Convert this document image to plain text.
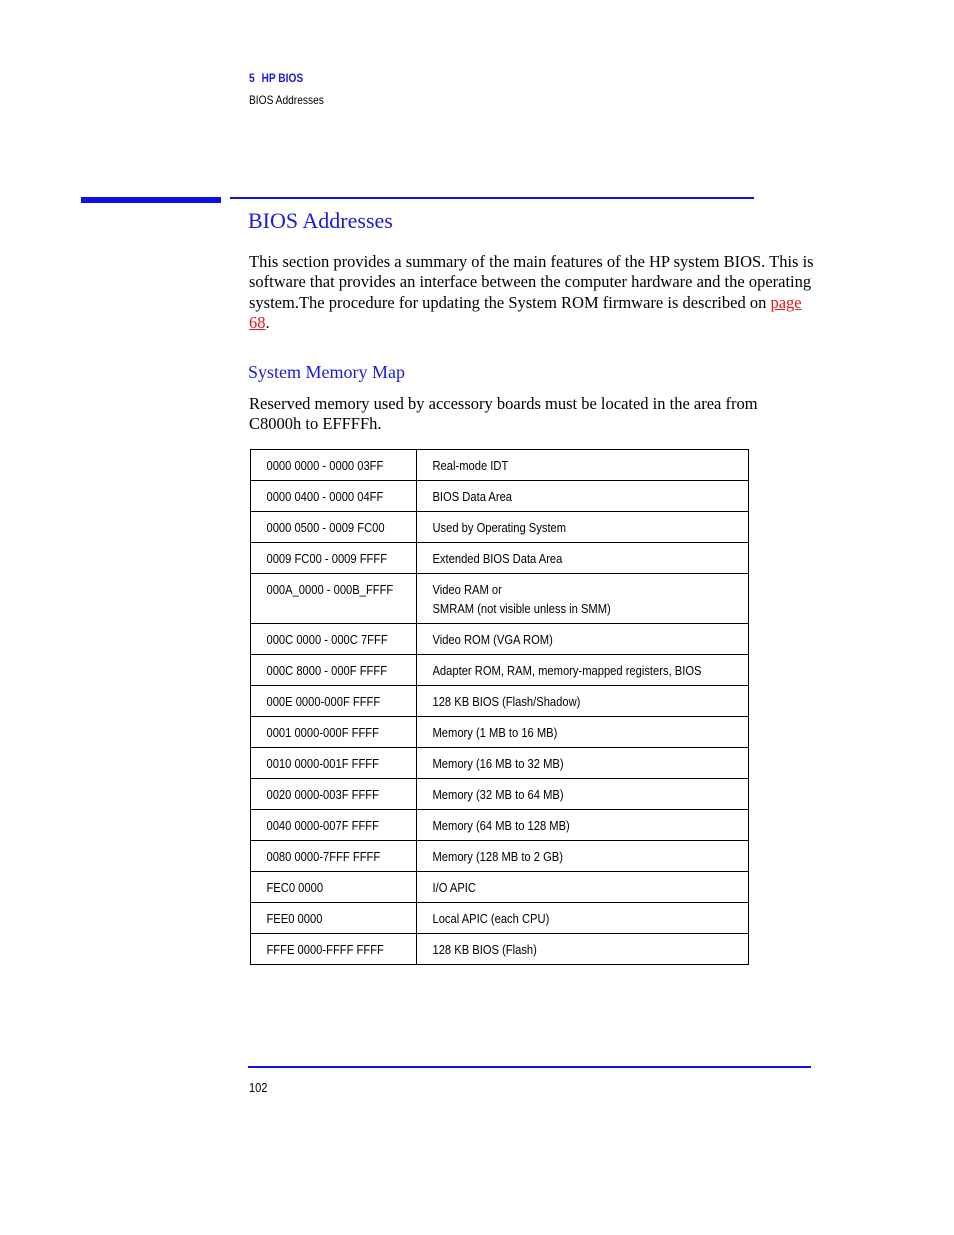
5 HP BIOS
BIOS Addresses
BIOS Addresses

This section provides a summary of the main features of the HP system BIOS. This is software that provides an interface between the computer hardware and the operating system.The procedure for updating the System ROM firmware is described on page 68.

System Memory Map

Reserved memory used by accessory boards must be located in the area from C8000h to EFFFFh.

0000 0000 - 0000 03FF	Real-mode IDT

0000 0400 - 0000 04FF	BIOS Data Area

0000 0500 - 0009 FC00	Used by Operating System

0009 FC00 - 0009 FFFF	Extended BIOS Data Area

000A_0000 - 000B_FFFF	Video RAM or
SMRAM (not visible unless in SMM)

000C 0000 - 000C 7FFF	Video ROM (VGA ROM)

000C 8000 - 000F FFFF	Adapter ROM, RAM, memory-mapped registers, BIOS

000E 0000-000F FFFF	128 KB BIOS (Flash/Shadow)

0001 0000-000F FFFF	Memory (1 MB to 16 MB)

0010 0000-001F FFFF	Memory (16 MB to 32 MB)

0020 0000-003F FFFF	Memory (32 MB to 64 MB)

0040 0000-007F FFFF	Memory (64 MB to 128 MB)

0080 0000-7FFF FFFF	Memory (128 MB to 2 GB)

FEC0 0000	I/O APIC

FEE0 0000	Local APIC (each CPU)

FFFE 0000-FFFF FFFF	128 KB BIOS (Flash)
102
